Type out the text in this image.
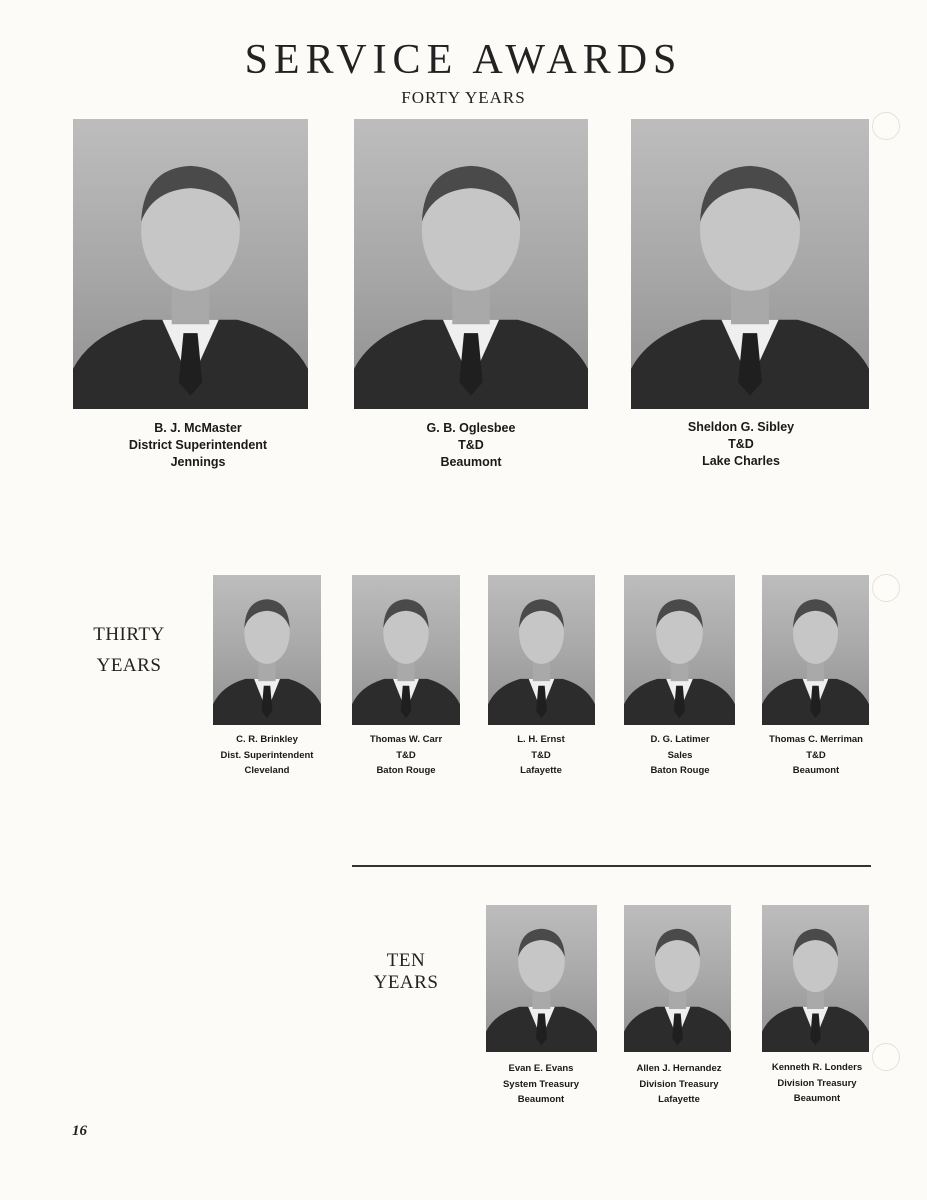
SERVICE AWARDS
FORTY YEARS
B. J. McMaster
District Superintendent
Jennings
G. B. Oglesbee
T&D
Beaumont
Sheldon G. Sibley
T&D
Lake Charles
THIRTY
YEARS
C. R. Brinkley
Dist. Superintendent
Cleveland
Thomas W. Carr
T&D
Baton Rouge
L. H. Ernst
T&D
Lafayette
D. G. Latimer
Sales
Baton Rouge
Thomas C. Merriman
T&D
Beaumont
TEN
YEARS
Evan E. Evans
System Treasury
Beaumont
Allen J. Hernandez
Division Treasury
Lafayette
Kenneth R. Londers
Division Treasury
Beaumont
16
